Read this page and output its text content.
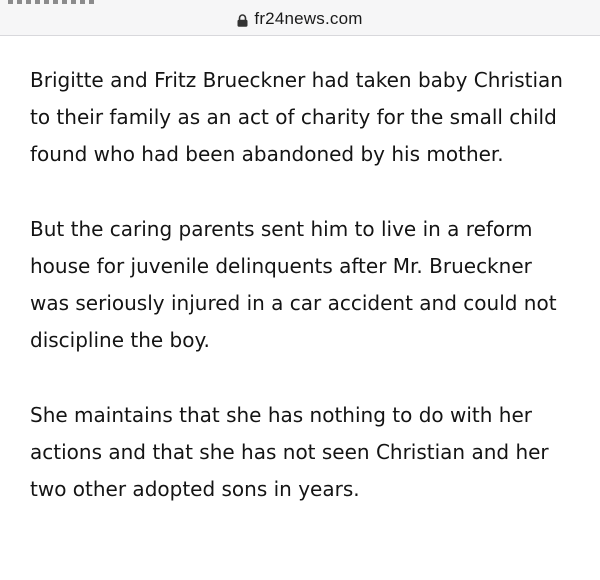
fr24news.com

Brigitte and Fritz Brueckner had taken baby Christian to their family as an act of charity for the small child found who had been abandoned by his mother.

But the caring parents sent him to live in a reform house for juvenile delinquents after Mr. Brueckner was seriously injured in a car accident and could not discipline the boy.

She maintains that she has nothing to do with her actions and that she has not seen Christian and her two other adopted sons in years.
